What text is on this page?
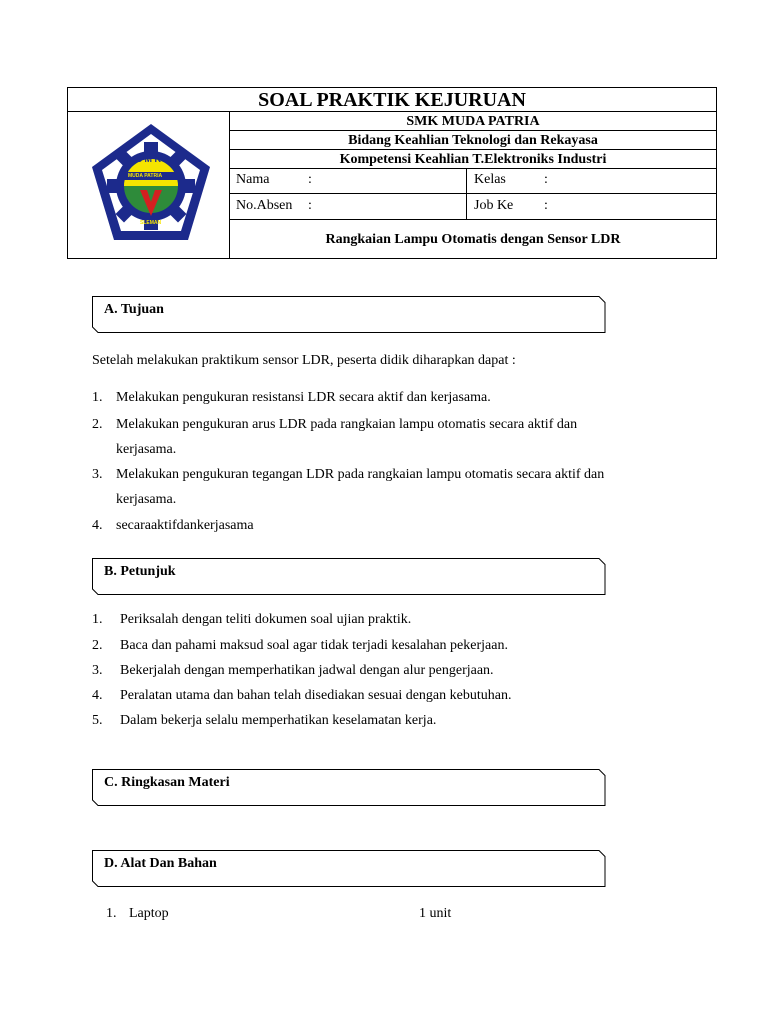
SOAL PRAKTIK KEJURUAN
S M K
MUDA PATRIA
SLEMAN
SMK MUDA PATRIA
Bidang Keahlian Teknologi dan Rekayasa
Kompetensi Keahlian T.Elektroniks Industri
Nama	:	Kelas	:
No.Absen :	Job Ke :
Rangkaian Lampu Otomatis dengan Sensor LDR
A. Tujuan
Setelah melakukan praktikum sensor LDR, peserta didik diharapkan dapat :
1. Melakukan pengukuran resistansi LDR secara aktif dan kerjasama.
2. Melakukan pengukuran arus LDR pada rangkaian lampu otomatis secara aktif dan
kerjasama.
3. Melakukan pengukuran tegangan LDR pada rangkaian lampu otomatis secara aktif dan
kerjasama.
4. secaraaktifdankerjasama
B. Petunjuk
1. Periksalah dengan teliti dokumen soal ujian praktik.
2. Baca dan pahami maksud soal agar tidak terjadi kesalahan pekerjaan.
3. Bekerjalah dengan memperhatikan jadwal dengan alur pengerjaan.
4. Peralatan utama dan bahan telah disediakan sesuai dengan kebutuhan.
5. Dalam bekerja selalu memperhatikan keselamatan kerja.
C. Ringkasan Materi
D. Alat Dan Bahan
1. Laptop	1 unit
